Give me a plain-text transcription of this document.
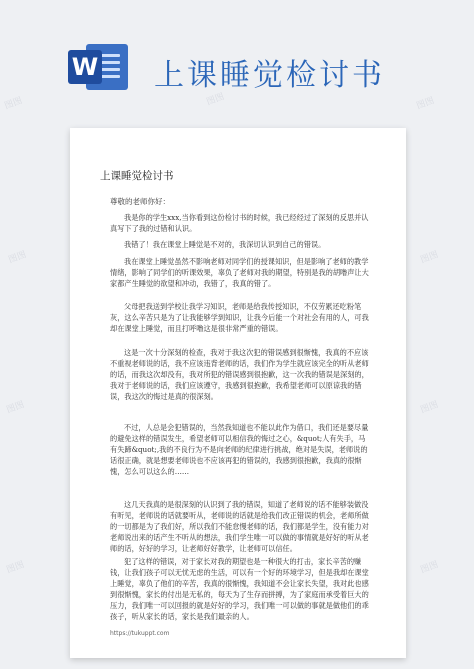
W 上课睡觉检讨书
上课睡觉检讨书
尊敬的老师你好：

我是你的学生xxx,当你看到这份检讨书的时候，我已经经过了深刻的反思并认真写下了我的过错和认识。

我错了！我在课堂上睡觉是不对的，我深切认识到自己的错误。

我在课堂上睡觉虽然不影响老师对同学们的授课知识，但是影响了老师的教学情绪，影响了同学们的听课效果，辜负了老师对我的期望，特别是我的胡噜声让大家都产生睡觉的欲望和冲动，我错了，我真的错了。

父母把我送到学校让我学习知识，老师是给我传授知识，不仅劳累还吃粉笔灰，这么辛苦只是为了让我能够学到知识，让我今后能一个对社会有用的人，可我却在课堂上睡觉，而且打呼噜这是很非常严重的错误。

这是一次十分深刻的检查，我对于我这次犯的错误感到很惭愧，我真的不应该不重视老师说的话，我不应该违背老师的话，我们作为学生就应该完全的听从老师的话，而我这次却没有，我对所犯的错误感到很抱歉，这一次我的错误是深刻的，我对于老师说的话，我们应该遵守，我感到很抱歉，我希望老师可以原谅我的错误，我这次的悔过是真的很深刻。

不过，人总是会犯错误的，当然我知道也不能以此作为借口，我们还是要尽量的避免这样的错误发生，希望老师可以相信我的悔过之心，&quot;人有失手，马有失蹄&quot;,我的不良行为不是向老师的纪律进行挑战，绝对是失误，老师说的话很正确，就是想要老师说也不应该再犯的错误的，我感到很抱歉，我真的很惭愧，怎么可以这么的……

这几天我真的是很深刻的认识到了我的错误，知道了老师说的话不能够装做没有听见，老师说的话就要听从，老师说的话就是给我们改正错误的机会，老师所做的一切都是为了我们好，所以我们不能怠慢老师的话，我们都是学生，没有能力对老师说出来的话产生不听从的想法，我们学生唯一可以做的事情就是好好的听从老师的话，好好的学习，让老师好好教学，让老师可以信任。

犯了这样的错误，对于家长对我的期望也是一种很大的打击，家长辛苦的赚钱，让我们孩子可以无忧无虑的生活，可以有一个好的环境学习，但是我却在课堂上睡觉，辜负了他们的辛苦，我真的很惭愧，我知道不会让家长失望，我对此也感到很惭愧，家长的付出是无私的，每天为了生存而拼搏，为了家庭而承受着巨大的压力，我们唯一可以回报的就是好好的学习，我们唯一可以做的事就是做他们的乖孩子，听从家长的话，家长是我们最亲的人。

https://tukuppt.com
图图	图图	图图
图图	图图
图图	图图
图图	图图
